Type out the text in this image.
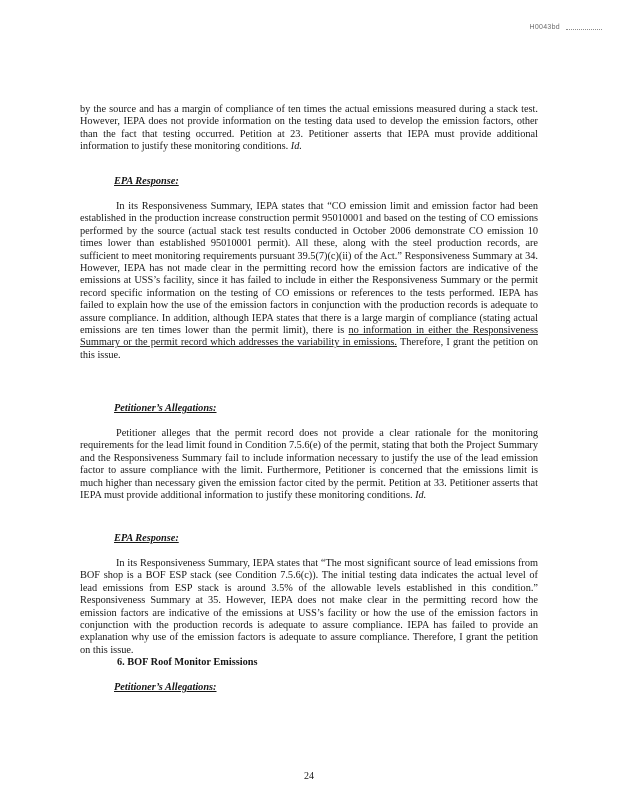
H0043bd

by the source and has a margin of compliance of ten times the actual emissions measured during a stack test. However, IEPA does not provide information on the testing data used to develop the emission factors, other than the fact that testing occurred. Petition at 23. Petitioner asserts that IEPA must provide additional information to justify these monitoring conditions. Id.

EPA Response:

In its Responsiveness Summary, IEPA states that “CO emission limit and emission factor had been established in the production increase construction permit 95010001 and based on the testing of CO emissions performed by the source (actual stack test results conducted in October 2006 demonstrate CO emission 10 times lower than established 95010001 permit). All these, along with the steel production records, are sufficient to meet monitoring requirements pursuant 39.5(7)(c)(ii) of the Act.” Responsiveness Summary at 34. However, IEPA has not made clear in the permitting record how the emission factors are indicative of the emissions at USS’s facility, since it has failed to include in either the Responsiveness Summary or the permit record specific information on the testing of CO emissions or references to the tests performed. IEPA has failed to explain how the use of the emission factors in conjunction with the production records is adequate to assure compliance. In addition, although IEPA states that there is a large margin of compliance (stating actual emissions are ten times lower than the permit limit), there is no information in either the Responsiveness Summary or the permit record which addresses the variability in emissions. Therefore, I grant the petition on this issue.

Petitioner’s Allegations:

Petitioner alleges that the permit record does not provide a clear rationale for the monitoring requirements for the lead limit found in Condition 7.5.6(e) of the permit, stating that both the Project Summary and the Responsiveness Summary fail to include information necessary to justify the use of the lead emission factor to assure compliance with the limit. Furthermore, Petitioner is concerned that the emissions limit is much higher than necessary given the emission factor cited by the permit. Petition at 33. Petitioner asserts that IEPA must provide additional information to justify these monitoring conditions. Id.

EPA Response:

In its Responsiveness Summary, IEPA states that “The most significant source of lead emissions from BOF shop is a BOF ESP stack (see Condition 7.5.6(c)). The initial testing data indicates the actual level of lead emissions from ESP stack is around 3.5% of the allowable levels established in this condition.” Responsiveness Summary at 35. However, IEPA does not make clear in the permitting record how the emission factors are indicative of the emissions at USS’s facility or how the use of the emission factors in conjunction with the production records is adequate to assure compliance. IEPA has failed to provide an explanation why use of the emission factors is adequate to assure compliance. Therefore, I grant the petition on this issue.

6. BOF Roof Monitor Emissions

Petitioner’s Allegations:

24
